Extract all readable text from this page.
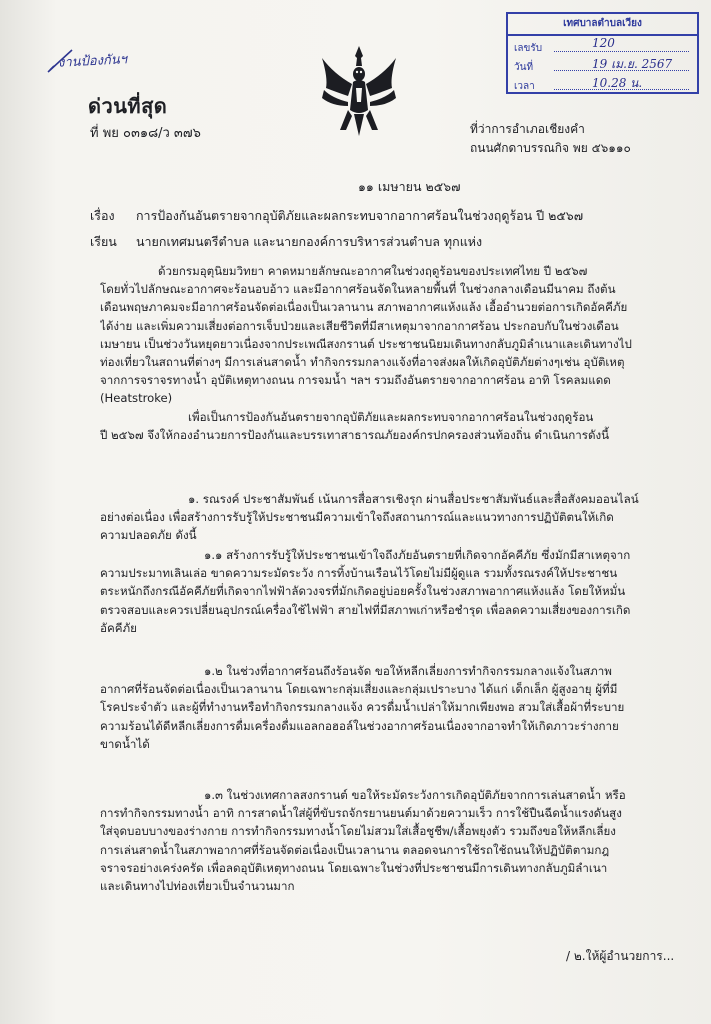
งานป้องกันฯ
ด่วนที่สุด
ที่ พย ๐๓๑๘/ว ๓๗๖
เทศบาลตำบลเวียง
เลขรับ	120
วันที่	19 เม.ย. 2567
เวลา	10.28 น.
ที่ว่าการอำเภอเชียงคำ
ถนนศักดาบรรณกิจ พย ๕๖๑๑๐
๑๑ เมษายน ๒๕๖๗
เรื่อง การป้องกันอันตรายจากอุบัติภัยและผลกระทบจากอากาศร้อนในช่วงฤดูร้อน ปี ๒๕๖๗
เรียน นายกเทศมนตรีตำบล และนายกองค์การบริหารส่วนตำบล ทุกแห่ง
ด้วยกรมอุตุนิยมวิทยา คาดหมายลักษณะอากาศในช่วงฤดูร้อนของประเทศไทย ปี ๒๕๖๗
โดยทั่วไปลักษณะอากาศจะร้อนอบอ้าว และมีอากาศร้อนจัดในหลายพื้นที่ ในช่วงกลางเดือนมีนาคม ถึงต้น
เดือนพฤษภาคมจะมีอากาศร้อนจัดต่อเนื่องเป็นเวลานาน สภาพอากาศแห้งแล้ง เอื้ออำนวยต่อการเกิดอัคคีภัย
ได้ง่าย และเพิ่มความเสี่ยงต่อการเจ็บป่วยและเสียชีวิตที่มีสาเหตุมาจากอากาศร้อน ประกอบกับในช่วงเดือน
เมษายน เป็นช่วงวันหยุดยาวเนื่องจากประเพณีสงกรานต์ ประชาชนนิยมเดินทางกลับภูมิลำเนาและเดินทางไป
ท่องเที่ยวในสถานที่ต่างๆ มีการเล่นสาดน้ำ ทำกิจกรรมกลางแจ้งที่อาจส่งผลให้เกิดอุบัติภัยต่างๆเช่น อุบัติเหตุ
จากการจราจรทางน้ำ อุบัติเหตุทางถนน การจมน้ำ ฯลฯ รวมถึงอันตรายจากอากาศร้อน อาทิ โรคลมแดด
(Heatstroke)
เพื่อเป็นการป้องกันอันตรายจากอุบัติภัยและผลกระทบจากอากาศร้อนในช่วงฤดูร้อน
ปี ๒๕๖๗ จึงให้กองอำนวยการป้องกันและบรรเทาสาธารณภัยองค์กรปกครองส่วนท้องถิ่น ดำเนินการดังนี้
๑. รณรงค์ ประชาสัมพันธ์ เน้นการสื่อสารเชิงรุก ผ่านสื่อประชาสัมพันธ์และสื่อสังคมออนไลน์
อย่างต่อเนื่อง เพื่อสร้างการรับรู้ให้ประชาชนมีความเข้าใจถึงสถานการณ์และแนวทางการปฏิบัติตนให้เกิด
ความปลอดภัย ดังนี้
๑.๑ สร้างการรับรู้ให้ประชาชนเข้าใจถึงภัยอันตรายที่เกิดจากอัคคีภัย ซึ่งมักมีสาเหตุจาก
ความประมาทเลินเล่อ ขาดความระมัดระวัง การทิ้งบ้านเรือนไว้โดยไม่มีผู้ดูแล รวมทั้งรณรงค์ให้ประชาชน
ตระหนักถึงกรณีอัคคีภัยที่เกิดจากไฟฟ้าลัดวงจรที่มักเกิดอยู่บ่อยครั้งในช่วงสภาพอากาศแห้งแล้ง โดยให้หมั่น
ตรวจสอบและควรเปลี่ยนอุปกรณ์เครื่องใช้ไฟฟ้า สายไฟที่มีสภาพเก่าหรือชำรุด เพื่อลดความเสี่ยงของการเกิด
อัคคีภัย
๑.๒ ในช่วงที่อากาศร้อนถึงร้อนจัด ขอให้หลีกเลี่ยงการทำกิจกรรมกลางแจ้งในสภาพ
อากาศที่ร้อนจัดต่อเนื่องเป็นเวลานาน โดยเฉพาะกลุ่มเสี่ยงและกลุ่มเปราะบาง ได้แก่ เด็กเล็ก ผู้สูงอายุ ผู้ที่มี
โรคประจำตัว และผู้ที่ทำงานหรือทำกิจกรรมกลางแจ้ง ควรดื่มน้ำเปล่าให้มากเพียงพอ สวมใส่เสื้อผ้าที่ระบาย
ความร้อนได้ดีหลีกเลี่ยงการดื่มเครื่องดื่มแอลกอฮอล์ในช่วงอากาศร้อนเนื่องจากอาจทำให้เกิดภาวะร่างกาย
ขาดน้ำได้
๑.๓ ในช่วงเทศกาลสงกรานต์ ขอให้ระมัดระวังการเกิดอุบัติภัยจากการเล่นสาดน้ำ หรือ
การทำกิจกรรมทางน้ำ อาทิ การสาดน้ำใส่ผู้ที่ขับรถจักรยานยนต์มาด้วยความเร็ว การใช้ปืนฉีดน้ำแรงดันสูง
ใส่จุดบอบบางของร่างกาย การทำกิจกรรมทางน้ำโดยไม่สวมใส่เสื้อชูชีพ/เสื้อพยุงตัว รวมถึงขอให้หลีกเลี่ยง
การเล่นสาดน้ำในสภาพอากาศที่ร้อนจัดต่อเนื่องเป็นเวลานาน ตลอดจนการใช้รถใช้ถนนให้ปฏิบัติตามกฎ
จราจรอย่างเคร่งครัด เพื่อลดอุบัติเหตุทางถนน โดยเฉพาะในช่วงที่ประชาชนมีการเดินทางกลับภูมิลำเนา
และเดินทางไปท่องเที่ยวเป็นจำนวนมาก
/ ๒.ให้ผู้อำนวยการ...
